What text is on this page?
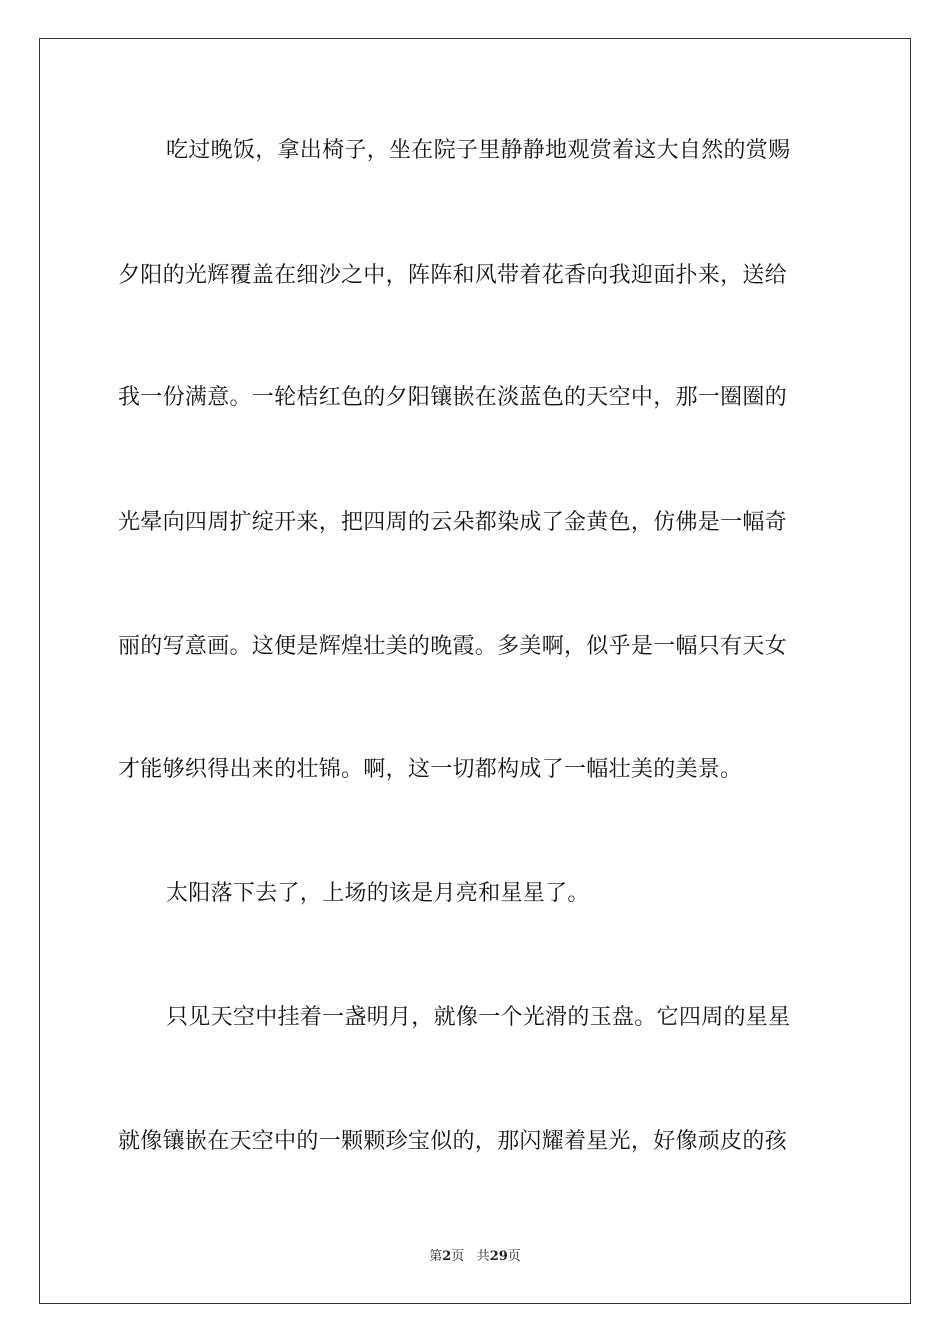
吃过晚饭，拿出椅子，坐在院子里静静地观赏着这大自然的赏赐
夕阳的光辉覆盖在细沙之中，阵阵和风带着花香向我迎面扑来，送给
我一份满意。一轮桔红色的夕阳镶嵌在淡蓝色的天空中，那一圈圈的
光晕向四周扩绽开来，把四周的云朵都染成了金黄色，仿佛是一幅奇
丽的写意画。这便是辉煌壮美的晚霞。多美啊，似乎是一幅只有天女
才能够织得出来的壮锦。啊，这一切都构成了一幅壮美的美景。
太阳落下去了，上场的该是月亮和星星了。
只见天空中挂着一盏明月，就像一个光滑的玉盘。它四周的星星
就像镶嵌在天空中的一颗颗珍宝似的，那闪耀着星光，好像顽皮的孩
第2页 共29页
